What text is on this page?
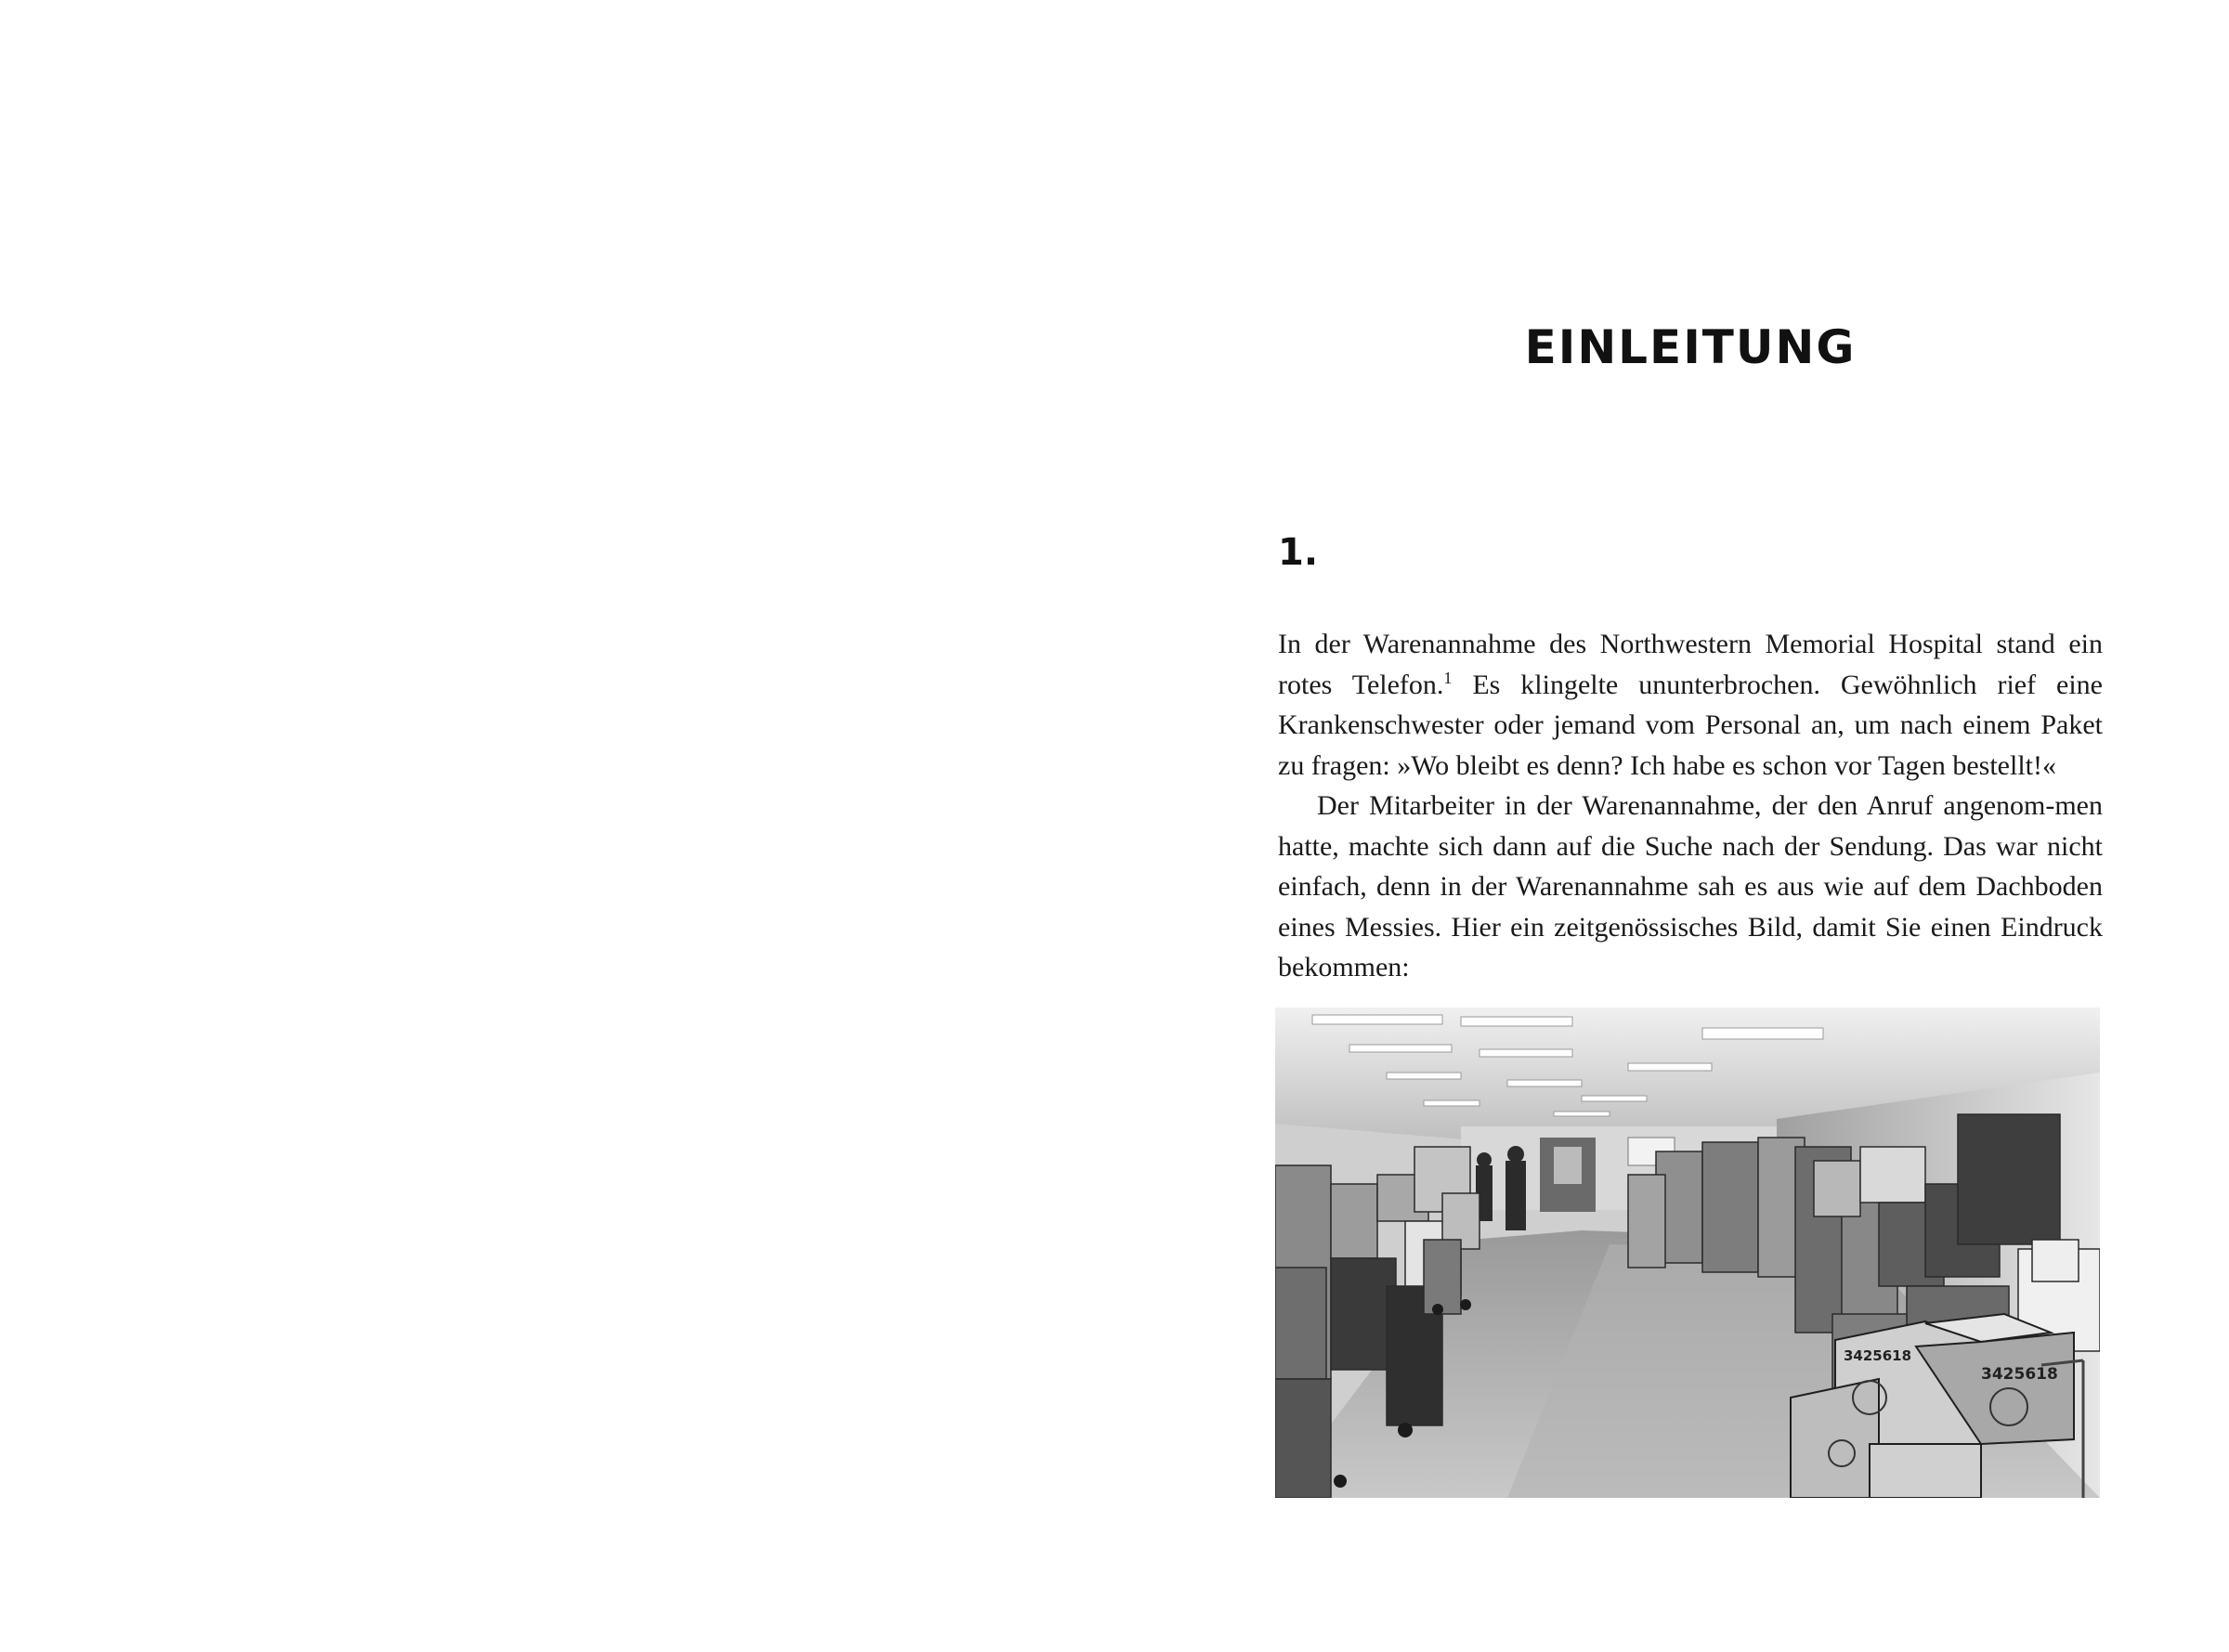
EINLEITUNG
1.

In der Warenannahme des Northwestern Memorial Hospital stand ein rotes Telefon.$^1$ Es klingelte ununterbrochen. Gewöhnlich rief eine Krankenschwester oder jemand vom Personal an, um nach einem Paket zu fragen: »Wo bleibt es denn? Ich habe es schon vor Tagen bestellt!«

Der Mitarbeiter in der Warenannahme, der den Anruf angenom-men hatte, machte sich dann auf die Suche nach der Sendung. Das war nicht einfach, denn in der Warenannahme sah es aus wie auf dem Dachboden eines Messies. Hier ein zeitgenössisches Bild, damit Sie einen Eindruck bekommen:

3425618
3425618
